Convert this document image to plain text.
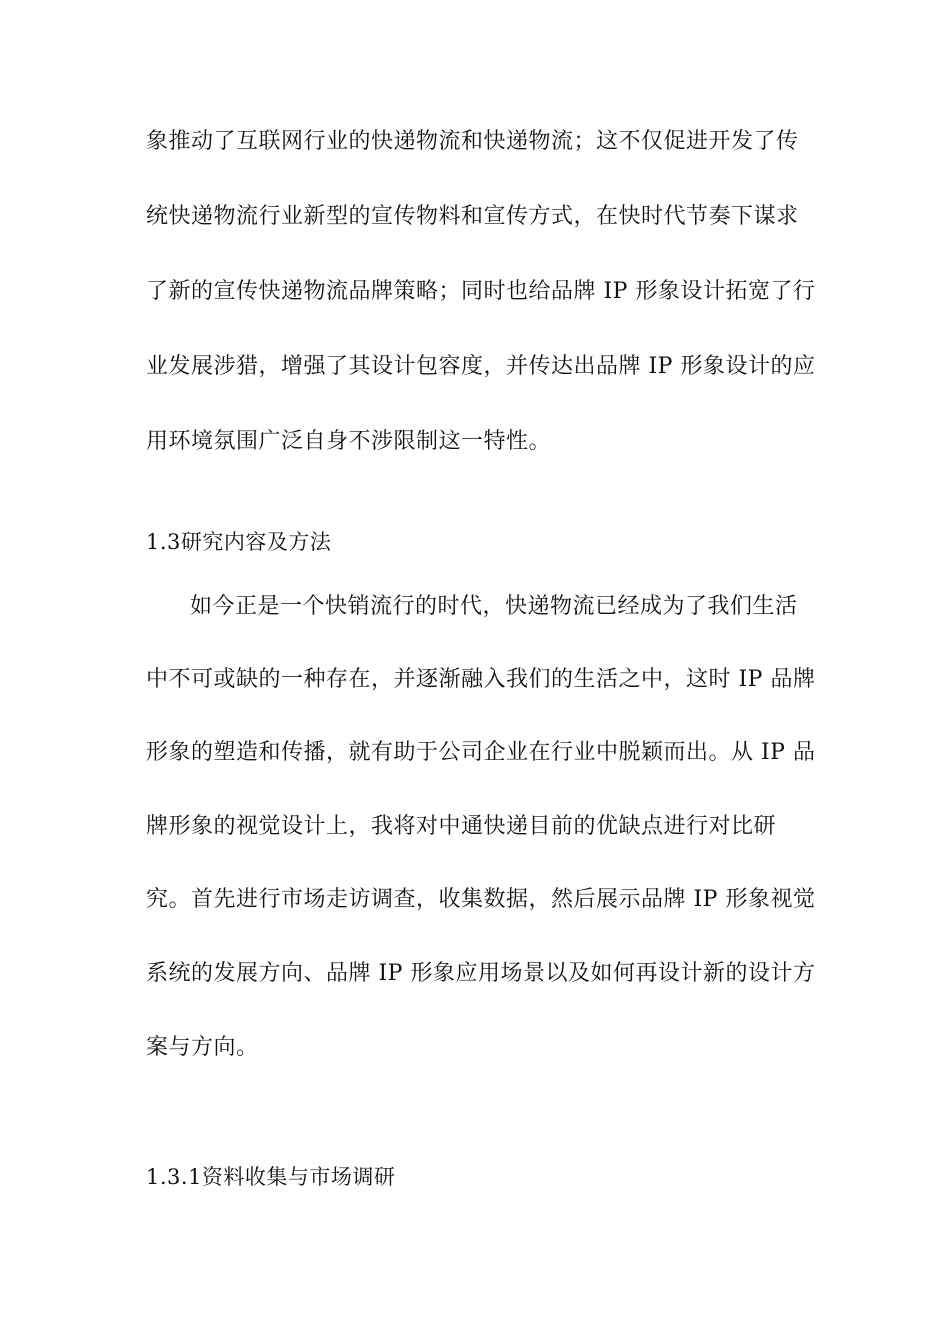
象推动了互联网行业的快递物流和快递物流；这不仅促进开发了传
统快递物流行业新型的宣传物料和宣传方式，在快时代节奏下谋求
了新的宣传快递物流品牌策略；同时也给品牌 IP 形象设计拓宽了行
业发展涉猎，增强了其设计包容度，并传达出品牌 IP 形象设计的应
用环境氛围广泛自身不涉限制这一特性。
1.3研究内容及方法
如今正是一个快销流行的时代，快递物流已经成为了我们生活
中不可或缺的一种存在，并逐渐融入我们的生活之中，这时 IP 品牌
形象的塑造和传播，就有助于公司企业在行业中脱颖而出。从 IP 品
牌形象的视觉设计上，我将对中通快递目前的优缺点进行对比研
究。首先进行市场走访调查，收集数据，然后展示品牌 IP 形象视觉
系统的发展方向、品牌 IP 形象应用场景以及如何再设计新的设计方
案与方向。
1.3.1资料收集与市场调研
